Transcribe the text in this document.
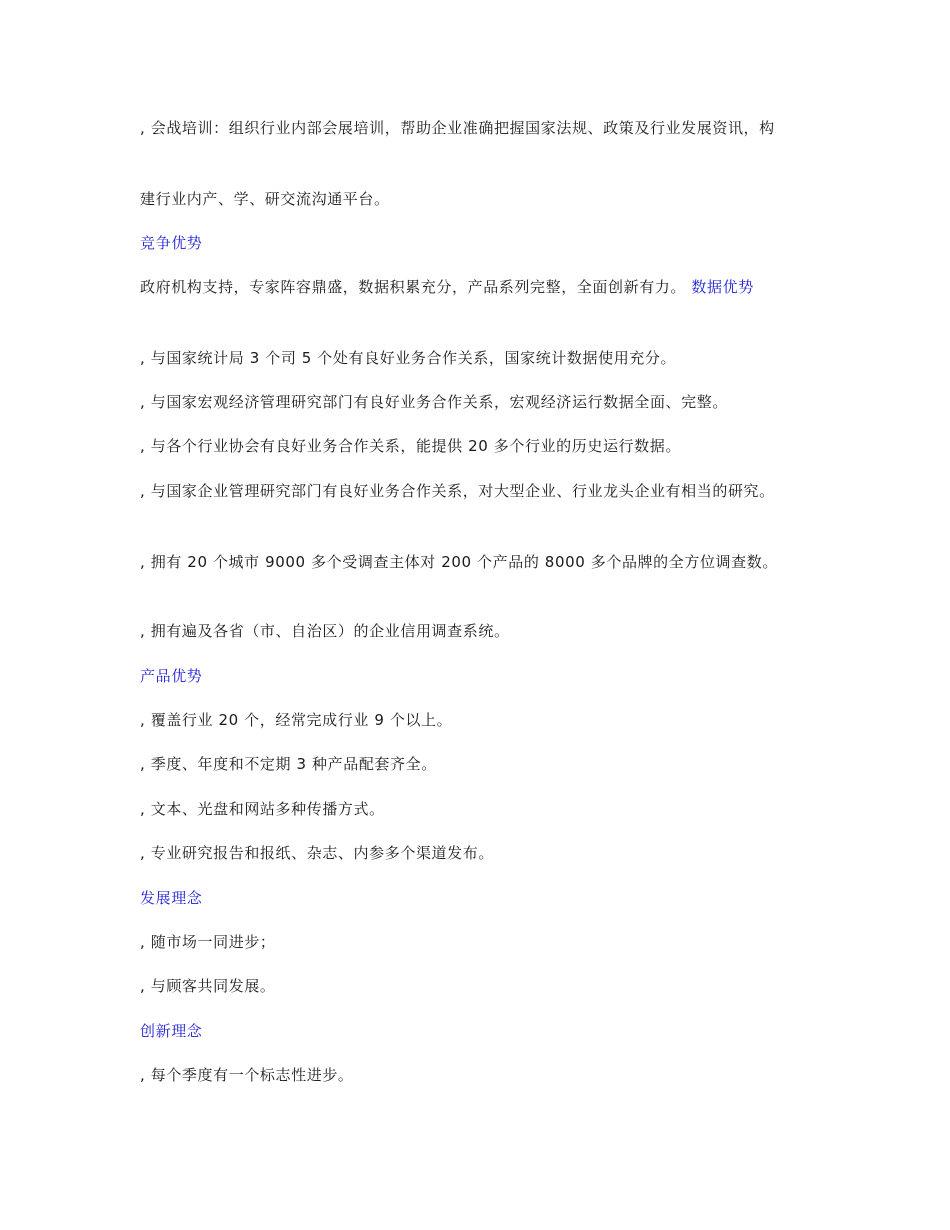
, 会战培训：组织行业内部会展培训，帮助企业准确把握国家法规、政策及行业发展资讯，构
建行业内产、学、研交流沟通平台。
竞争优势
政府机构支持，专家阵容鼎盛，数据积累充分，产品系列完整，全面创新有力。 数据优势
, 与国家统计局 3 个司 5 个处有良好业务合作关系，国家统计数据使用充分。
, 与国家宏观经济管理研究部门有良好业务合作关系，宏观经济运行数据全面、完整。
, 与各个行业协会有良好业务合作关系，能提供 20 多个行业的历史运行数据。
, 与国家企业管理研究部门有良好业务合作关系，对大型企业、行业龙头企业有相当的研究。
, 拥有 20 个城市 9000 多个受调查主体对 200 个产品的 8000 多个品牌的全方位调查数。
, 拥有遍及各省（市、自治区）的企业信用调查系统。
产品优势
, 覆盖行业 20 个，经常完成行业 9 个以上。
, 季度、年度和不定期 3 种产品配套齐全。
, 文本、光盘和网站多种传播方式。
, 专业研究报告和报纸、杂志、内参多个渠道发布。
发展理念
, 随市场一同进步；
, 与顾客共同发展。
创新理念
, 每个季度有一个标志性进步。
